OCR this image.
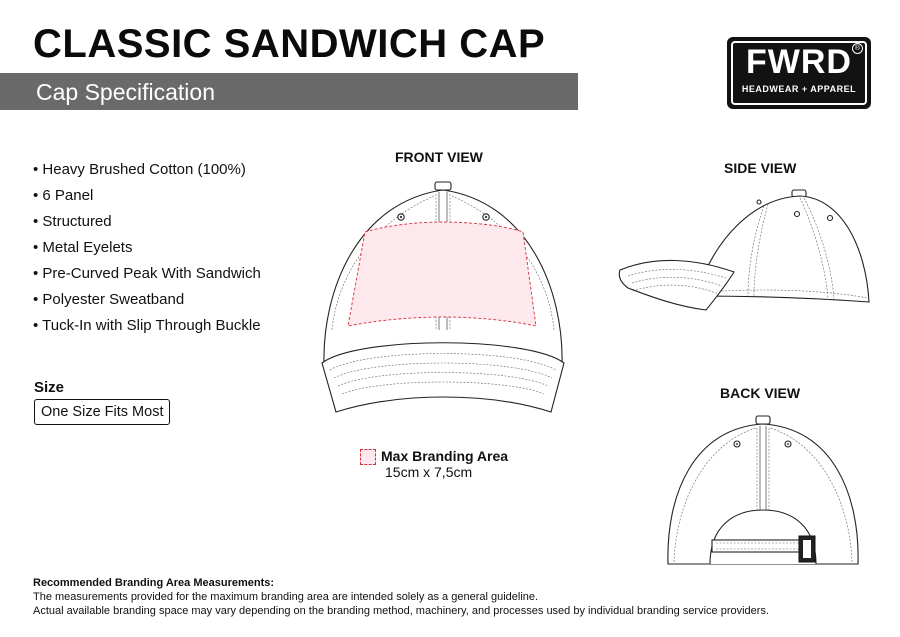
CLASSIC SANDWICH CAP
Cap Specification
FWRD ®
HEADWEAR + APPAREL
• Heavy Brushed Cotton (100%)
• 6 Panel
• Structured
• Metal Eyelets
• Pre-Curved Peak With Sandwich
• Polyester Sweatband
• Tuck-In with Slip Through Buckle
Size
One Size Fits Most
FRONT VIEW
SIDE VIEW
BACK VIEW
Max Branding Area
15cm x 7,5cm
Recommended Branding Area Measurements:
The measurements provided for the maximum branding area are intended solely as a general guideline.
Actual available branding space may vary depending on the branding method, machinery, and processes used by individual branding service providers.
